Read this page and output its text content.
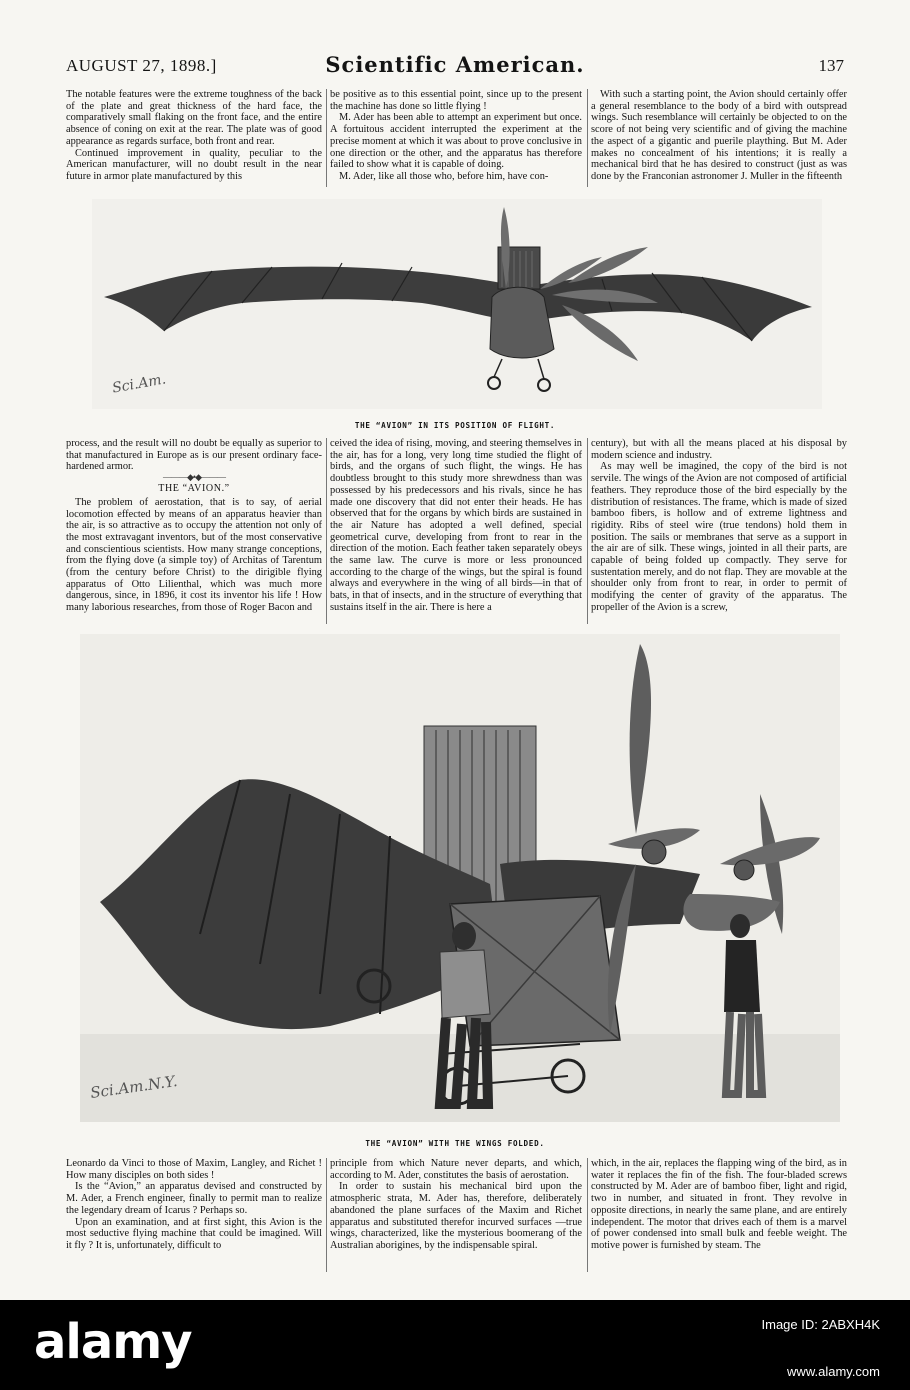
AUGUST 27, 1898.]	Scientific American.	137

The notable features were the extreme toughness of the back of the plate and great thickness of the hard face, the comparatively small flaking on the front face, and the entire absence of coning on exit at the rear. The plate was of good appearance as regards surface, both front and rear.

Continued improvement in quality, peculiar to the American manufacturer, will no doubt result in the near future in armor plate manufactured by this

be positive as to this essential point, since up to the present the machine has done so little flying !

M. Ader has been able to attempt an experiment but once. A fortuitous accident interrupted the experiment at the precise moment at which it was about to prove conclusive in one direction or the other, and the apparatus has therefore failed to show what it is capable of doing.

M. Ader, like all those who, before him, have con-

With such a starting point, the Avion should certainly offer a general resemblance to the body of a bird with outspread wings. Such resemblance will certainly be objected to on the score of not being very scientific and of giving the machine the aspect of a gigantic and puerile plaything. But M. Ader makes no concealment of his intentions; it is really a mechanical bird that he has desired to construct (just as was done by the Franconian astronomer J. Muller in the fifteenth

Sci.Am.
THE “AVION” IN ITS POSITION OF FLIGHT.

process, and the result will no doubt be equally as superior to that manufactured in Europe as is our present ordinary face-hardened armor.

———◆•◆———
THE “AVION.”

The problem of aerostation, that is to say, of aerial locomotion effected by means of an apparatus heavier than the air, is so attractive as to occupy the attention not only of the most extravagant inventors, but of the most conservative and conscientious scientists. How many strange conceptions, from the flying dove (a simple toy) of Architas of Tarentum (from the century before Christ) to the dirigible flying apparatus of Otto Lilienthal, which was much more dangerous, since, in 1896, it cost its inventor his life ! How many laborious researches, from those of Roger Bacon and

ceived the idea of rising, moving, and steering themselves in the air, has for a long, very long time studied the flight of birds, and the organs of such flight, the wings. He has doubtless brought to this study more shrewdness than was possessed by his predecessors and his rivals, since he has made one discovery that did not enter their heads. He has observed that for the organs by which birds are sustained in the air Nature has adopted a well defined, special geometrical curve, developing from front to rear in the direction of the motion. Each feather taken separately obeys the same law. The curve is more or less pronounced according to the charge of the wings, but the spiral is found always and everywhere in the wing of all birds—in that of bats, in that of insects, and in the structure of everything that sustains itself in the air. There is here a

century), but with all the means placed at his disposal by modern science and industry.

As may well be imagined, the copy of the bird is not servile. The wings of the Avion are not composed of artificial feathers. They reproduce those of the bird especially by the distribution of resistances. The frame, which is made of sized bamboo fibers, is hollow and of extreme lightness and rigidity. Ribs of steel wire (true tendons) hold them in position. The sails or membranes that serve as a support in the air are of silk. These wings, jointed in all their parts, are capable of being folded up compactly. They serve for sustentation merely, and do not flap. They are movable at the shoulder only from front to rear, in order to permit of modifying the center of gravity of the apparatus. The propeller of the Avion is a screw,

Sci.Am.N.Y.
THE “AVION” WITH THE WINGS FOLDED.

Leonardo da Vinci to those of Maxim, Langley, and Richet ! How many disciples on both sides !

Is the “Avion,” an apparatus devised and constructed by M. Ader, a French engineer, finally to permit man to realize the legendary dream of Icarus ? Perhaps so.

Upon an examination, and at first sight, this Avion is the most seductive flying machine that could be imagined. Will it fly ? It is, unfortunately, difficult to

principle from which Nature never departs, and which, according to M. Ader, constitutes the basis of aerostation.

In order to sustain his mechanical bird upon the atmospheric strata, M. Ader has, therefore, deliberately abandoned the plane surfaces of the Maxim and Richet apparatus and substituted therefor incurved surfaces —true wings, characterized, like the mysterious boomerang of the Australian aborigines, by the indispensable spiral.

which, in the air, replaces the flapping wing of the bird, as in water it replaces the fin of the fish. The four-bladed screws constructed by M. Ader are of bamboo fiber, light and rigid, two in number, and situated in front. They revolve in opposite directions, in nearly the same plane, and are entirely independent. The motor that drives each of them is a marvel of power condensed into small bulk and feeble weight. The motive power is furnished by steam. The

alamy	Image ID: 2ABXH4K
www.alamy.com
